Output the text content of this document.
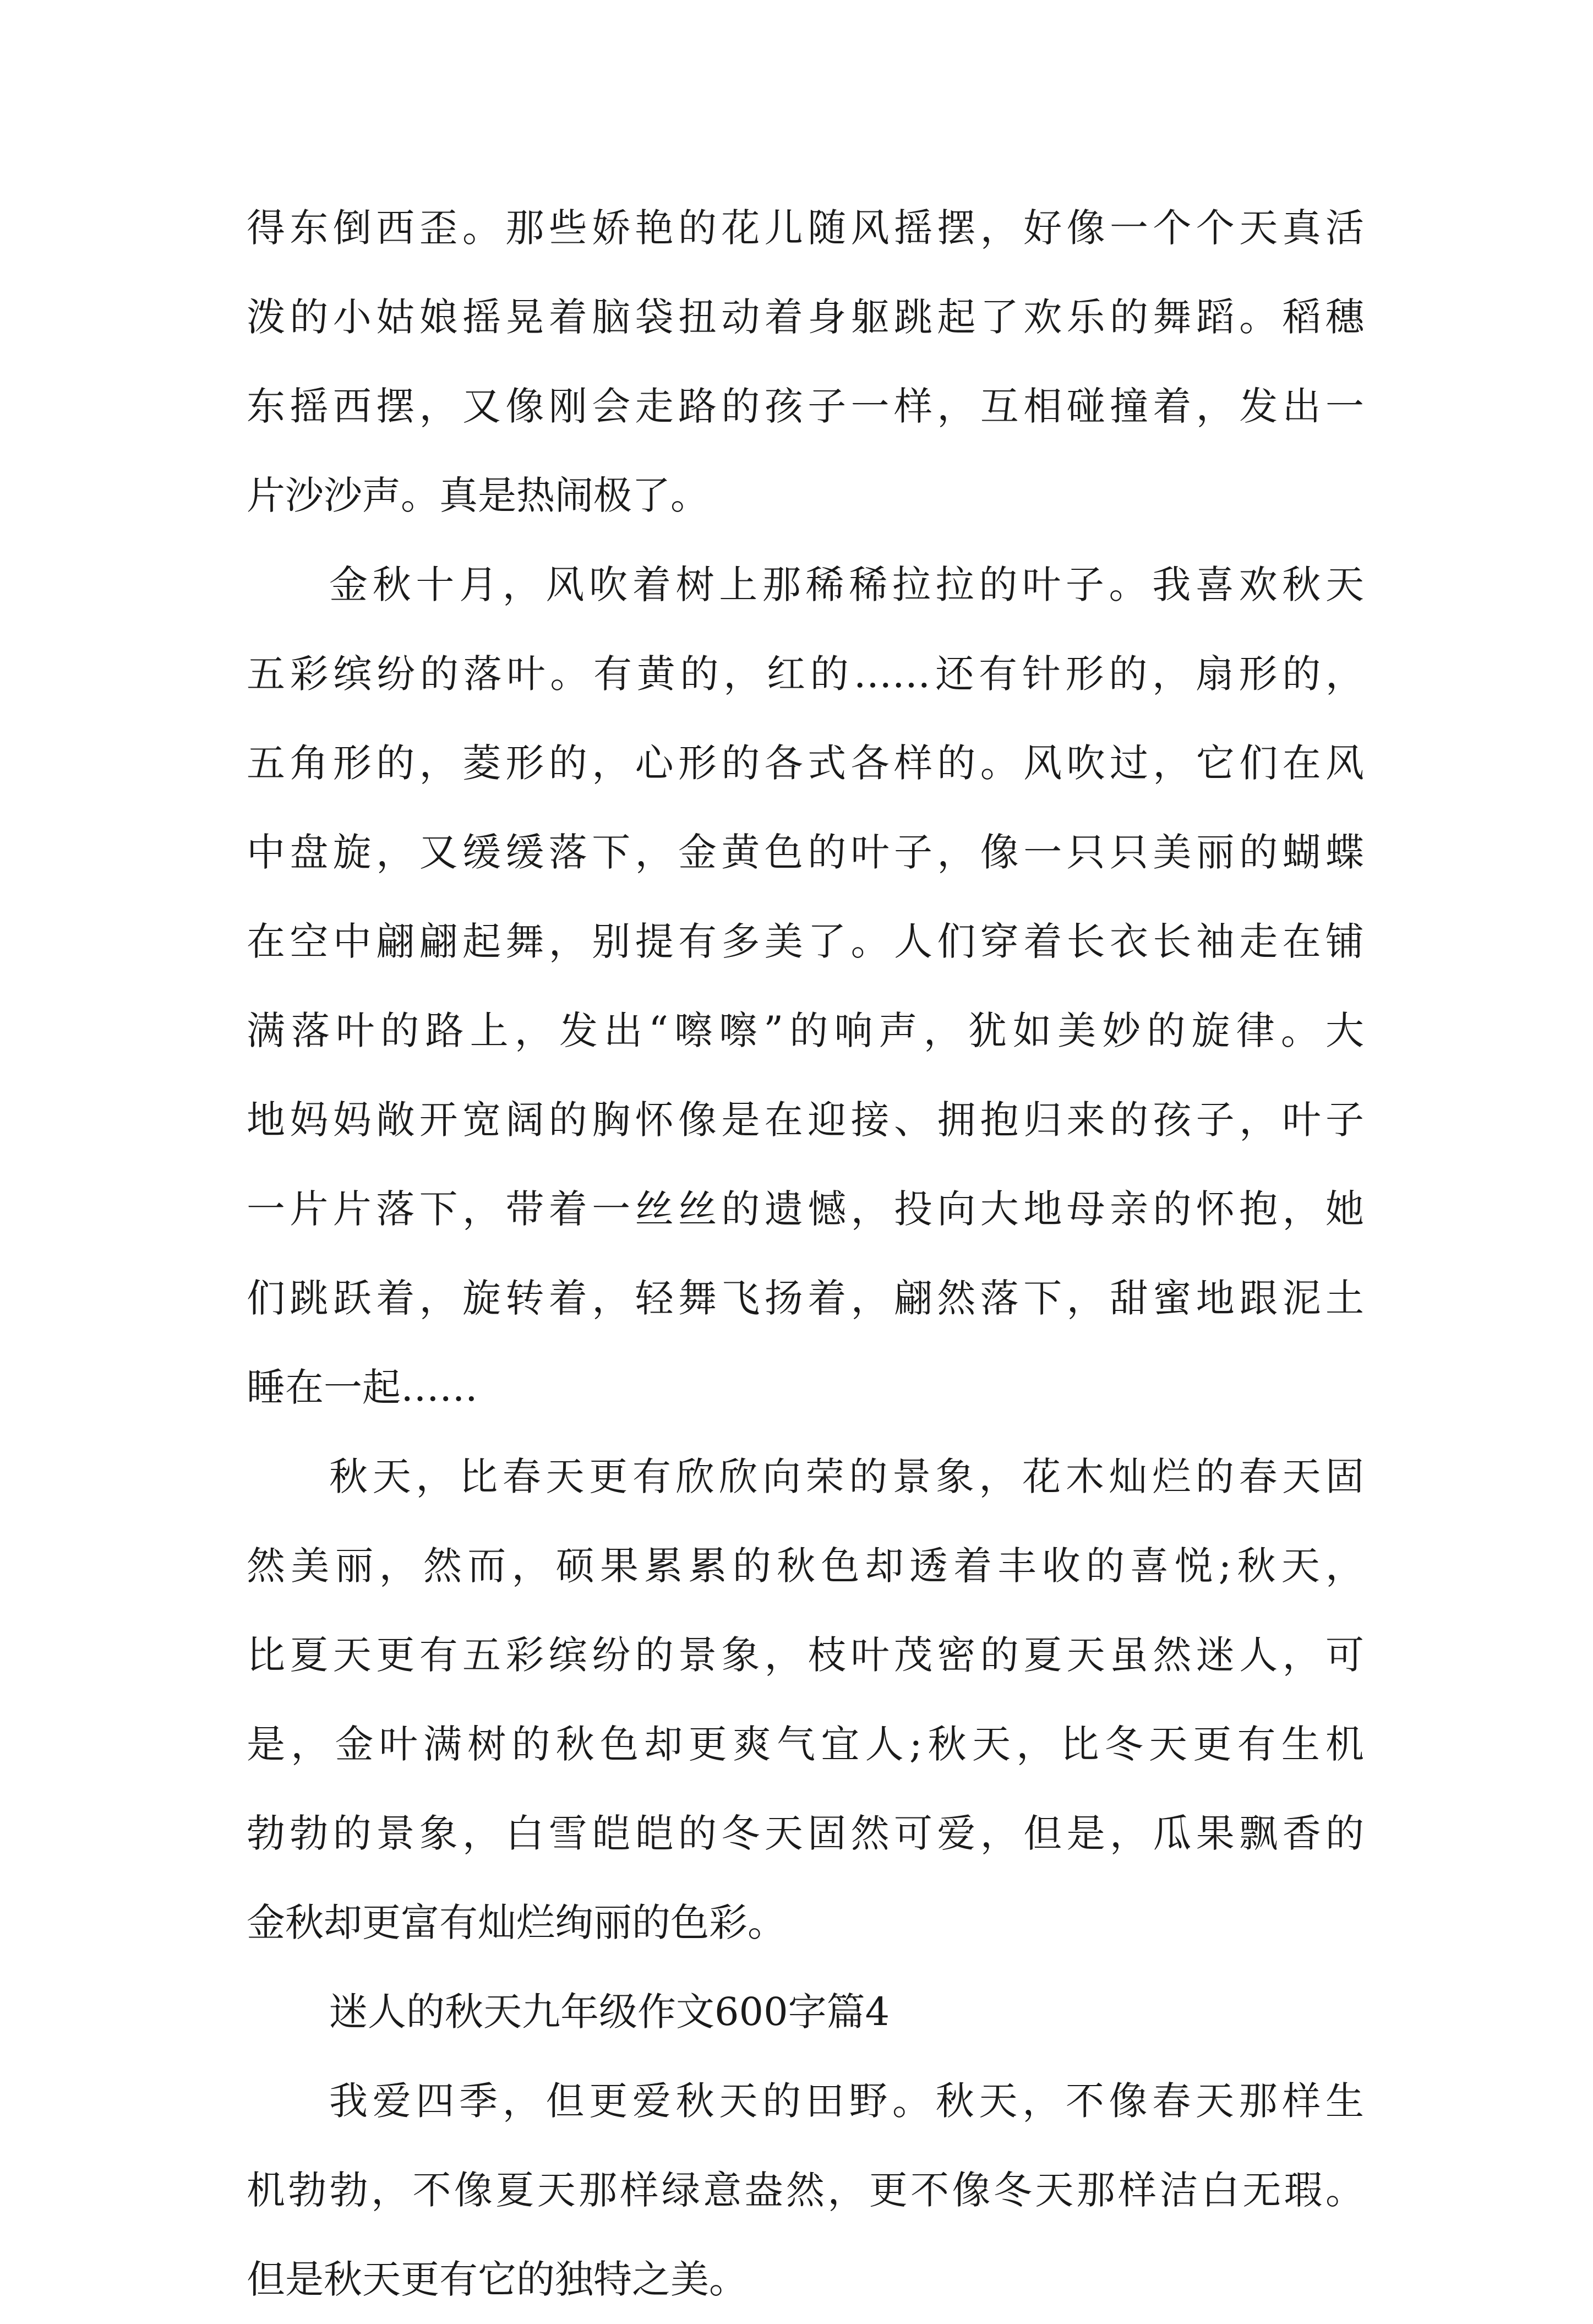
得东倒西歪。那些娇艳的花儿随风摇摆，好像一个个天真活
泼的小姑娘摇晃着脑袋扭动着身躯跳起了欢乐的舞蹈。稻穗
东摇西摆，又像刚会走路的孩子一样，互相碰撞着，发出一
片沙沙声。真是热闹极了。
金秋十月，风吹着树上那稀稀拉拉的叶子。我喜欢秋天
五彩缤纷的落叶。有黄的，红的……还有针形的，扇形的，
五角形的，菱形的，心形的各式各样的。风吹过，它们在风
中盘旋，又缓缓落下，金黄色的叶子，像一只只美丽的蝴蝶
在空中翩翩起舞，别提有多美了。人们穿着长衣长袖走在铺
满落叶的路上，发出“嚓嚓”的响声，犹如美妙的旋律。大
地妈妈敞开宽阔的胸怀像是在迎接、拥抱归来的孩子，叶子
一片片落下，带着一丝丝的遗憾，投向大地母亲的怀抱，她
们跳跃着，旋转着，轻舞飞扬着，翩然落下，甜蜜地跟泥土
睡在一起……
秋天，比春天更有欣欣向荣的景象，花木灿烂的春天固
然美丽，然而，硕果累累的秋色却透着丰收的喜悦;秋天，
比夏天更有五彩缤纷的景象，枝叶茂密的夏天虽然迷人，可
是，金叶满树的秋色却更爽气宜人;秋天，比冬天更有生机
勃勃的景象，白雪皑皑的冬天固然可爱，但是，瓜果飘香的
金秋却更富有灿烂绚丽的色彩。
迷人的秋天九年级作文600字篇4
我爱四季，但更爱秋天的田野。秋天，不像春天那样生
机勃勃，不像夏天那样绿意盎然，更不像冬天那样洁白无瑕。
但是秋天更有它的独特之美。
